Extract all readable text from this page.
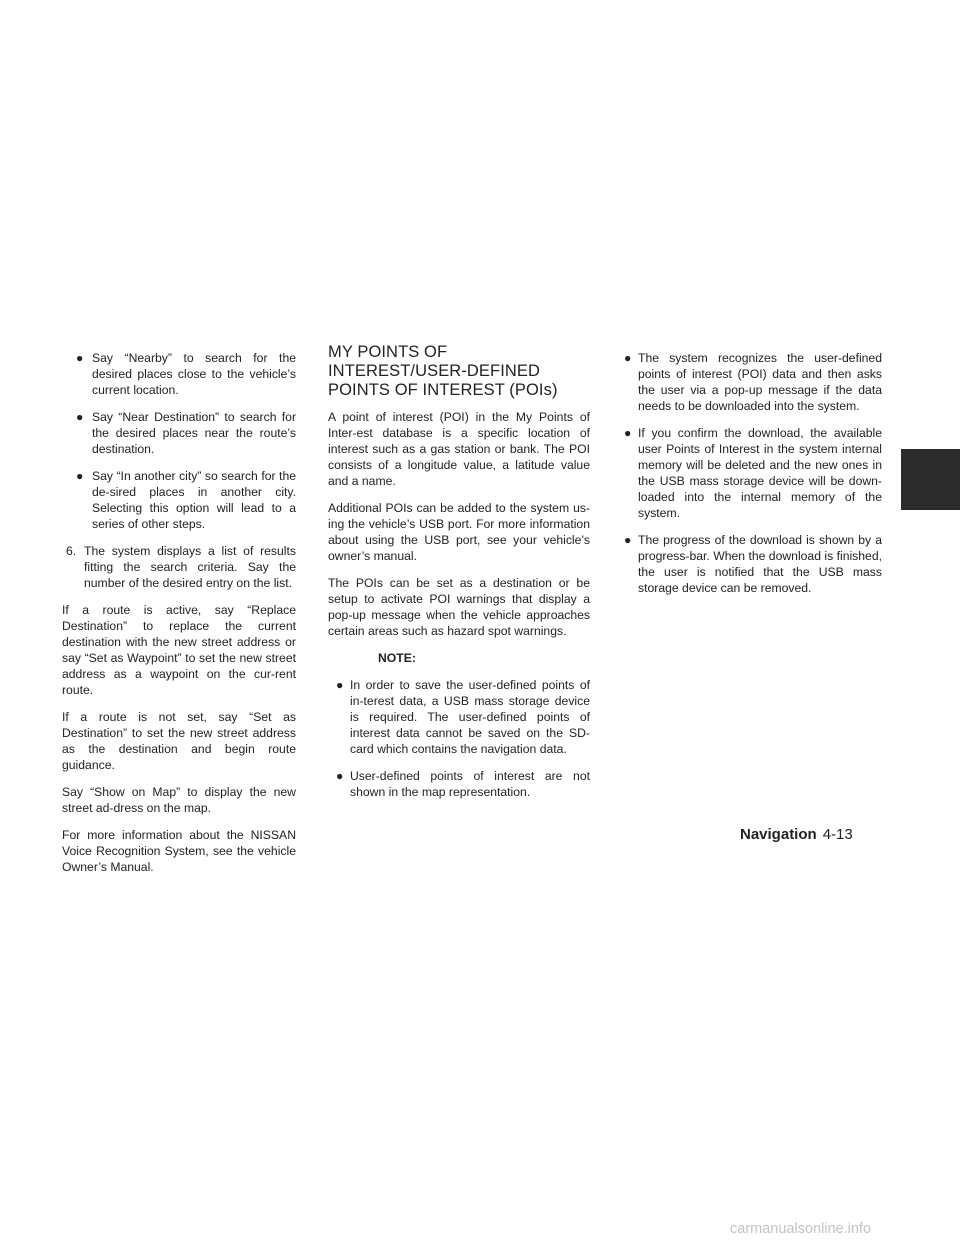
● Say “Nearby” to search for the desired places close to the vehicle’s current location.
● Say “Near Destination” to search for the desired places near the route’s destination.
● Say “In another city” so search for the de-sired places in another city. Selecting this option will lead to a series of other steps.
6. The system displays a list of results fitting the search criteria. Say the number of the desired entry on the list.

If a route is active, say “Replace Destination” to replace the current destination with the new street address or say “Set as Waypoint” to set the new street address as a waypoint on the cur-rent route.

If a route is not set, say “Set as Destination” to set the new street address as the destination and begin route guidance.

Say “Show on Map” to display the new street ad-dress on the map.

For more information about the NISSAN Voice Recognition System, see the vehicle Owner’s Manual.

MY POINTS OF INTEREST/USER-DEFINED POINTS OF INTEREST (POIs)

A point of interest (POI) in the My Points of Inter-est database is a specific location of interest such as a gas station or bank. The POI consists of a longitude value, a latitude value and a name.

Additional POIs can be added to the system us-ing the vehicle’s USB port. For more information about using the USB port, see your vehicle’s owner’s manual.

The POIs can be set as a destination or be setup to activate POI warnings that display a pop-up message when the vehicle approaches certain areas such as hazard spot warnings.

NOTE:
● In order to save the user-defined points of in-terest data, a USB mass storage device is required. The user-defined points of interest data cannot be saved on the SD-card which contains the navigation data.
● User-defined points of interest are not shown in the map representation.
● The system recognizes the user-defined points of interest (POI) data and then asks the user via a pop-up message if the data needs to be downloaded into the system.
● If you confirm the download, the available user Points of Interest in the system internal memory will be deleted and the new ones in the USB mass storage device will be down-loaded into the internal memory of the system.
● The progress of the download is shown by a progress-bar. When the download is finished, the user is notified that the USB mass storage device can be removed.
Navigation 4-13
carmanualsonline.info
